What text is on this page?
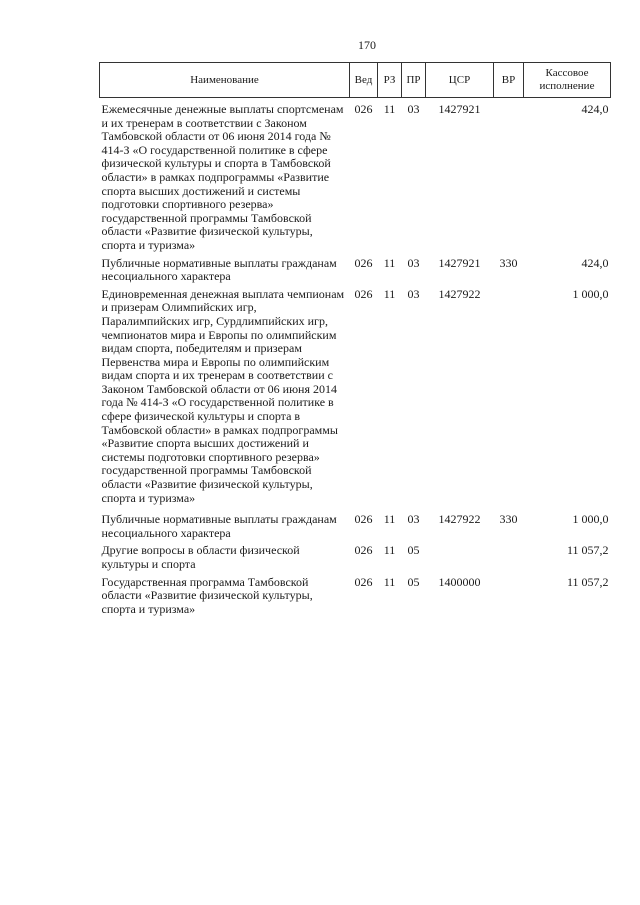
170
Наименование	Вед	РЗ	ПР	ЦСР	ВР	Кассовое исполнение
Ежемесячные денежные выплаты спортсменам и их тренерам в соответствии с Законом Тамбовской области от 06 июня 2014 года № 414-З «О государственной политике в сфере физической культуры и спорта в Тамбовской области» в рамках подпрограммы «Развитие спорта высших достижений и системы подготовки спортивного резерва» государственной программы Тамбовской области «Развитие физической культуры, спорта и туризма»	026	11	03	1427921		424,0
Публичные нормативные выплаты гражданам несоциального характера	026	11	03	1427921	330	424,0
Единовременная денежная выплата чемпионам и призерам Олимпийских игр, Паралимпийских игр, Сурдлимпийских игр, чемпионатов мира и Европы по олимпийским видам спорта, победителям и призерам Первенства мира и Европы по олимпийским видам спорта и их тренерам в соответствии с Законом Тамбовской области от 06 июня 2014 года № 414-З «О государственной политике в сфере физической культуры и спорта в Тамбовской области» в рамках подпрограммы «Развитие спорта высших достижений и системы подготовки спортивного резерва» государственной программы Тамбовской области «Развитие физической культуры, спорта и туризма»	026	11	03	1427922		1 000,0
Публичные нормативные выплаты гражданам несоциального характера	026	11	03	1427922	330	1 000,0
Другие вопросы в области физической культуры и спорта	026	11	05			11 057,2
Государственная программа Тамбовской области «Развитие физической культуры, спорта и туризма»	026	11	05	1400000		11 057,2
